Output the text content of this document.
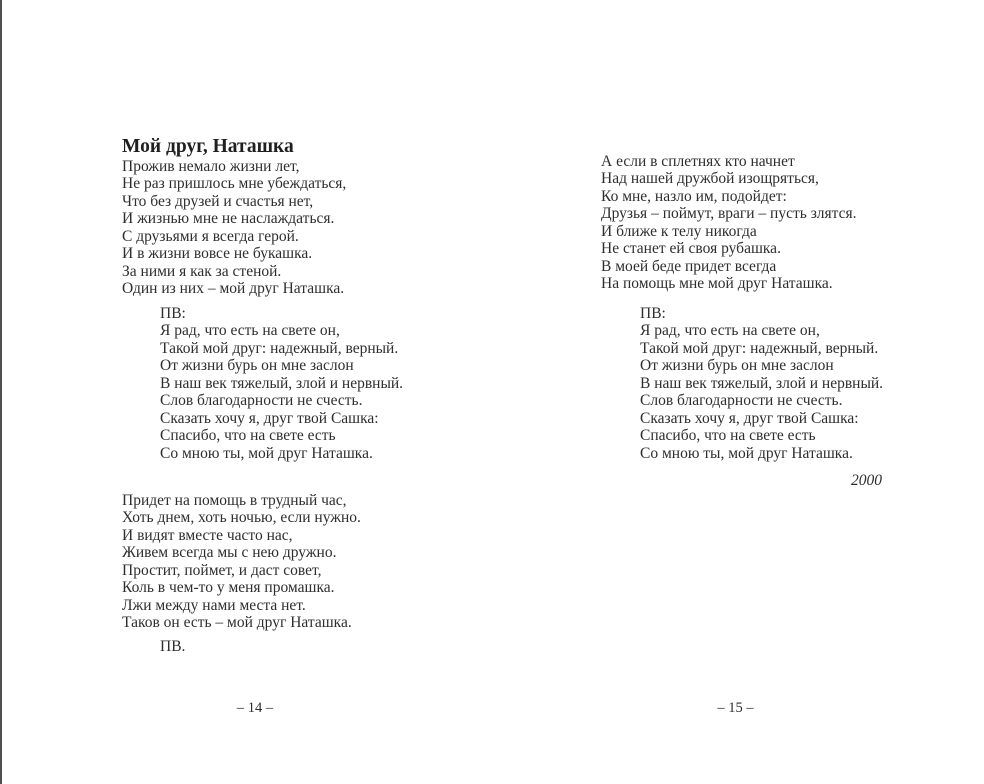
Мой друг, Наташка
Прожив немало жизни лет,
Не раз пришлось мне убеждаться,
Что без друзей и счастья нет,
И жизнью мне не наслаждаться.
С друзьями я всегда герой.
И в жизни вовсе не букашка.
За ними я как за стеной.
Один из них – мой друг Наташка.
ПВ:
Я рад, что есть на свете он,
Такой мой друг: надежный, верный.
От жизни бурь он мне заслон
В наш век тяжелый, злой и нервный.
Слов благодарности не счесть.
Сказать хочу я, друг твой Сашка:
Спасибо, что на свете есть
Со мною ты, мой друг Наташка.
Придет на помощь в трудный час,
Хоть днем, хоть ночью, если нужно.
И видят вместе часто нас,
Живем всегда мы с нею дружно.
Простит, поймет, и даст совет,
Коль в чем-то у меня промашка.
Лжи между нами места нет.
Таков он есть – мой друг Наташка.
ПВ.
– 14 –
А если в сплетнях кто начнет
Над нашей дружбой изощряться,
Ко мне, назло им, подойдет:
Друзья – поймут, враги – пусть злятся.
И ближе к телу никогда
Не станет ей своя рубашка.
В моей беде придет всегда
На помощь мне мой друг Наташка.
ПВ:
Я рад, что есть на свете он,
Такой мой друг: надежный, верный.
От жизни бурь он мне заслон
В наш век тяжелый, злой и нервный.
Слов благодарности не счесть.
Сказать хочу я, друг твой Сашка:
Спасибо, что на свете есть
Со мною ты, мой друг Наташка.
2000
– 15 –
